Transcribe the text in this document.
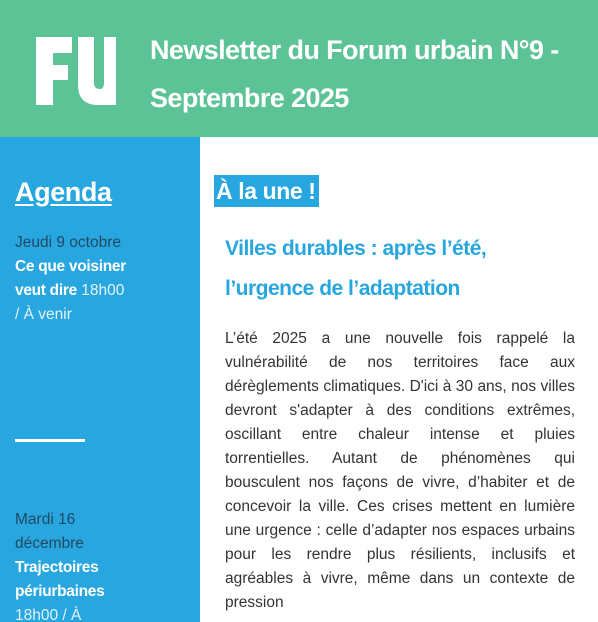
Newsletter du Forum urbain N°9 - Septembre 2025
Agenda
Jeudi 9 octobre
Ce que voisiner veut dire 18h00 / À venir
Mardi 16 décembre
Trajectoires périurbaines 18h00 / À
À la une !
Villes durables : après l’été, l’urgence de l’adaptation

L’été 2025 a une nouvelle fois rappelé la vulnérabilité de nos territoires face aux dérèglements climatiques. D'ici à 30 ans, nos villes devront s'adapter à des conditions extrêmes, oscillant entre chaleur intense et pluies torrentielles. Autant de phénomènes qui bousculent nos façons de vivre, d’habiter et de concevoir la ville. Ces crises mettent en lumière une urgence : celle d’adapter nos espaces urbains pour les rendre plus résilients, inclusifs et agréables à vivre, même dans un contexte de pression
